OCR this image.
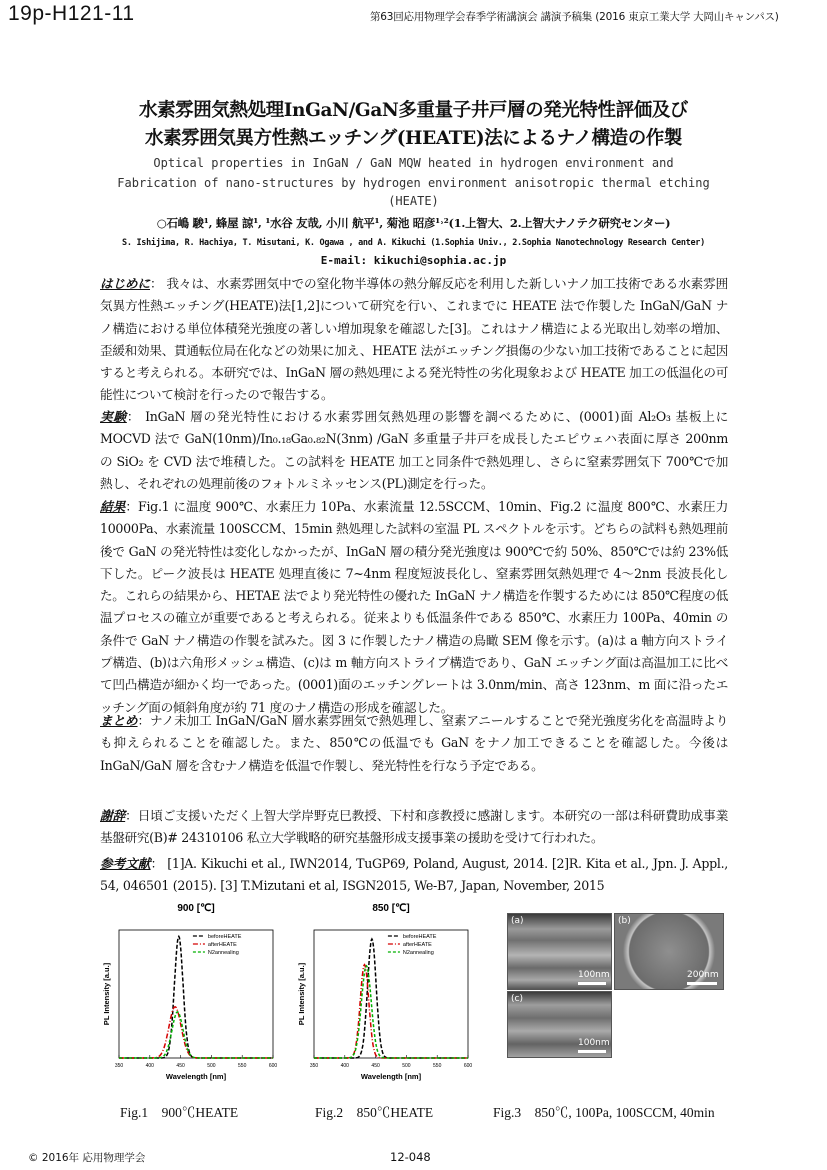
19p-H121-11	第63回応用物理学会春季学術講演会 講演予稿集 (2016 東京工業大学 大岡山キャンパス)
水素雰囲気熱処理InGaN/GaN多重量子井戸層の発光特性評価及び
水素雰囲気異方性熱エッチング(HEATE)法によるナノ構造の作製
Optical properties in InGaN / GaN MQW heated in hydrogen environment and
Fabrication of nano-structures by hydrogen environment anisotropic thermal etching
(HEATE)
○石嶋 駿¹, 蜂屋 諒¹, ¹水谷 友哉, 小川 航平¹, 菊池 昭彦¹˒²(1.上智大、2.上智大ナノテク研究センター)
S. Ishijima, R. Hachiya, T. Misutani, K. Ogawa , and A. Kikuchi (1.Sophia Univ., 2.Sophia Nanotechnology Research Center)
E-mail: kikuchi@sophia.ac.jp
はじめに： 我々は、水素雰囲気中での窒化物半導体の熱分解反応を利用した新しいナノ加工技術である水素雰囲気異方性熱エッチング(HEATE)法[1,2]について研究を行い、これまでに HEATE 法で作製した InGaN/GaN ナノ構造における単位体積発光強度の著しい増加現象を確認した[3]。これはナノ構造による光取出し効率の増加、歪緩和効果、貫通転位局在化などの効果に加え、HEATE 法がエッチング損傷の少ない加工技術であることに起因すると考えられる。本研究では、InGaN 層の熱処理による発光特性の劣化現象および HEATE 加工の低温化の可能性について検討を行ったので報告する。
実験： InGaN 層の発光特性における水素雰囲気熱処理の影響を調べるために、(0001)面 Al₂O₃ 基板上に MOCVD 法で GaN(10nm)/In₀.₁₈Ga₀.₈₂N(3nm) /GaN 多重量子井戸を成長したエピウェハ表面に厚さ 200nm の SiO₂ を CVD 法で堆積した。この試料を HEATE 加工と同条件で熱処理し、さらに窒素雰囲気下 700℃で加熱し、それぞれの処理前後のフォトルミネッセンス(PL)測定を行った。
結果：Fig.1 に温度 900℃、水素圧力 10Pa、水素流量 12.5SCCM、10min、Fig.2 に温度 800℃、水素圧力 10000Pa、水素流量 100SCCM、15min 熱処理した試料の室温 PL スペクトルを示す。どちらの試料も熱処理前後で GaN の発光特性は変化しなかったが、InGaN 層の積分発光強度は 900℃で約 50%、850℃では約 23%低下した。ピーク波長は HEATE 処理直後に 7~4nm 程度短波長化し、窒素雰囲気熱処理で 4～2nm 長波長化した。これらの結果から、HETAE 法でより発光特性の優れた InGaN ナノ構造を作製するためには 850℃程度の低温プロセスの確立が重要であると考えられる。従来よりも低温条件である 850℃、水素圧力 100Pa、40min の条件で GaN ナノ構造の作製を試みた。図 3 に作製したナノ構造の鳥瞰 SEM 像を示す。(a)は a 軸方向ストライプ構造、(b)は六角形メッシュ構造、(c)は m 軸方向ストライプ構造であり、GaN エッチング面は高温加工に比べて凹凸構造が細かく均一であった。(0001)面のエッチングレートは 3.0nm/min、高さ 123nm、m 面に沿ったエッチング面の傾斜角度が約 71 度のナノ構造の形成を確認した。
まとめ：ナノ未加工 InGaN/GaN 層水素雰囲気で熱処理し、窒素アニールすることで発光強度劣化を高温時よりも抑えられることを確認した。また、850℃の低温でも GaN をナノ加工できることを確認した。今後は InGaN/GaN 層を含むナノ構造を低温で作製し、発光特性を行なう予定である。
謝辞：日頃ご支援いただく上智大学岸野克巳教授、下村和彦教授に感謝します。本研究の一部は科研費助成事業 基盤研究(B)# 24310106 私立大学戦略的研究基盤形成支援事業の援助を受けて行われた。
参考文献： [1]A. Kikuchi et al., IWN2014, TuGP69, Poland, August, 2014. [2]R. Kita et al., Jpn. J. Appl., 54, 046501 (2015). [3] T.Mizutani et al, ISGN2015, We-B7, Japan, November, 2015
900 [℃]
350	400	450	500	550	600
Wavelength [nm]
PL Intensity [a.u.]
beforeHEATE
afterHEATE
N2annealing
850 [℃]
350	400	450	500	550	600
Wavelength [nm]
PL Intensity [a.u.]
beforeHEATE
afterHEATE
N2annealing
(a)
100nm
(b)
200nm
(c)
100nm
Fig.1　900℃HEATE	Fig.2　850℃HEATE	Fig.3　850℃, 100Pa, 100SCCM, 40min
© 2016年 応用物理学会	12-048
